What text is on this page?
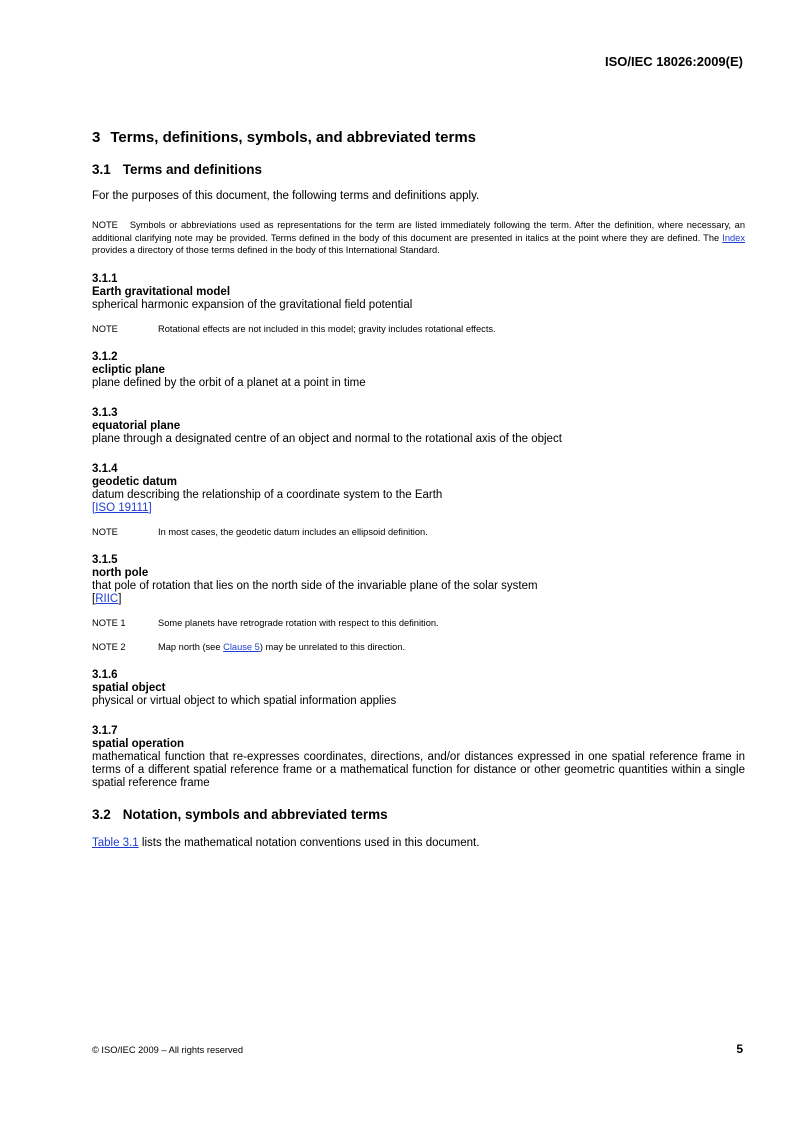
ISO/IEC 18026:2009(E)
3 Terms, definitions, symbols, and abbreviated terms
3.1 Terms and definitions

For the purposes of this document, the following terms and definitions apply.

NOTE Symbols or abbreviations used as representations for the term are listed immediately following the term. After the definition, where necessary, an additional clarifying note may be provided. Terms defined in the body of this document are presented in italics at the point where they are defined. The Index provides a directory of those terms defined in the body of this International Standard.
3.1.1
Earth gravitational model
spherical harmonic expansion of the gravitational field potential
NOTE	Rotational effects are not included in this model; gravity includes rotational effects.
3.1.2
ecliptic plane
plane defined by the orbit of a planet at a point in time
3.1.3
equatorial plane
plane through a designated centre of an object and normal to the rotational axis of the object
3.1.4
geodetic datum
datum describing the relationship of a coordinate system to the Earth
[ISO 19111]
NOTE	In most cases, the geodetic datum includes an ellipsoid definition.
3.1.5
north pole
that pole of rotation that lies on the north side of the invariable plane of the solar system
[RIIC]
NOTE 1	Some planets have retrograde rotation with respect to this definition.
NOTE 2	Map north (see Clause 5) may be unrelated to this direction.
3.1.6
spatial object
physical or virtual object to which spatial information applies
3.1.7
spatial operation
mathematical function that re-expresses coordinates, directions, and/or distances expressed in one spatial reference frame in terms of a different spatial reference frame or a mathematical function for distance or other geometric quantities within a single spatial reference frame
3.2 Notation, symbols and abbreviated terms

Table 3.1 lists the mathematical notation conventions used in this document.

© ISO/IEC 2009 – All rights reserved	5
